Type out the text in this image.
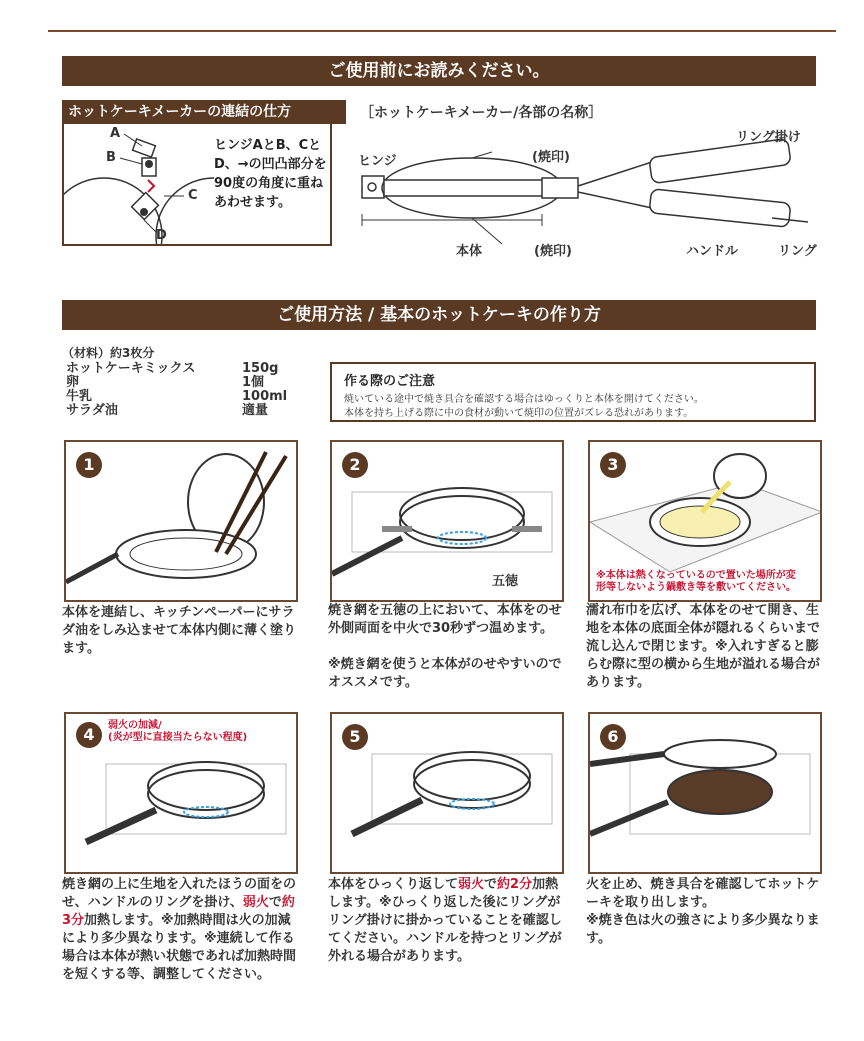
ご使用前にお読みください。
ホットケーキメーカーの連結の仕方
A
B
C
D
ヒンジAとB、CとD、→の凹凸部分を90度の角度に重ねあわせます。
［ホットケーキメーカー/各部の名称］
ヒンジ	(焼印)
本体	(焼印)
リング掛け
ハンドル	リング
ご使用方法 / 基本のホットケーキの作り方
（材料）約3枚分
ホットケーキミックス	150g
卵	1個
牛乳	100ml
サラダ油	適量
作る際のご注意
焼いている途中で焼き具合を確認する場合はゆっくりと本体を開けてください。
本体を持ち上げる際に中の食材が動いて焼印の位置がズレる恐れがあります。
1
本体を連結し、キッチンペーパーにサラダ油をしみ込ませて本体内側に薄く塗ります。
2
五徳
焼き網を五徳の上において、本体をのせ外側両面を中火で30秒ずつ温めます。
※焼き網を使うと本体がのせやすいのでオススメです。
3
※本体は熱くなっているので置いた場所が変
形等しないよう鍋敷き等を敷いてください。
濡れ布巾を広げ、本体をのせて開き、生地を本体の底面全体が隠れるくらいまで流し込んで閉じます。※入れすぎると膨らむ際に型の横から生地が溢れる場合があります。
4	弱火の加減/
(炎が型に直接当たらない程度)
焼き網の上に生地を入れたほうの面をのせ、ハンドルのリングを掛け、弱火で約3分加熱します。※加熱時間は火の加減により多少異なります。※連続して作る場合は本体が熱い状態であれば加熱時間を短くする等、調整してください。
5
本体をひっくり返して弱火で約2分加熱します。※ひっくり返した後にリングがリング掛けに掛かっていることを確認してください。ハンドルを持つとリングが外れる場合があります。
6
火を止め、焼き具合を確認してホットケーキを取り出します。
※焼き色は火の強さにより多少異なります。
